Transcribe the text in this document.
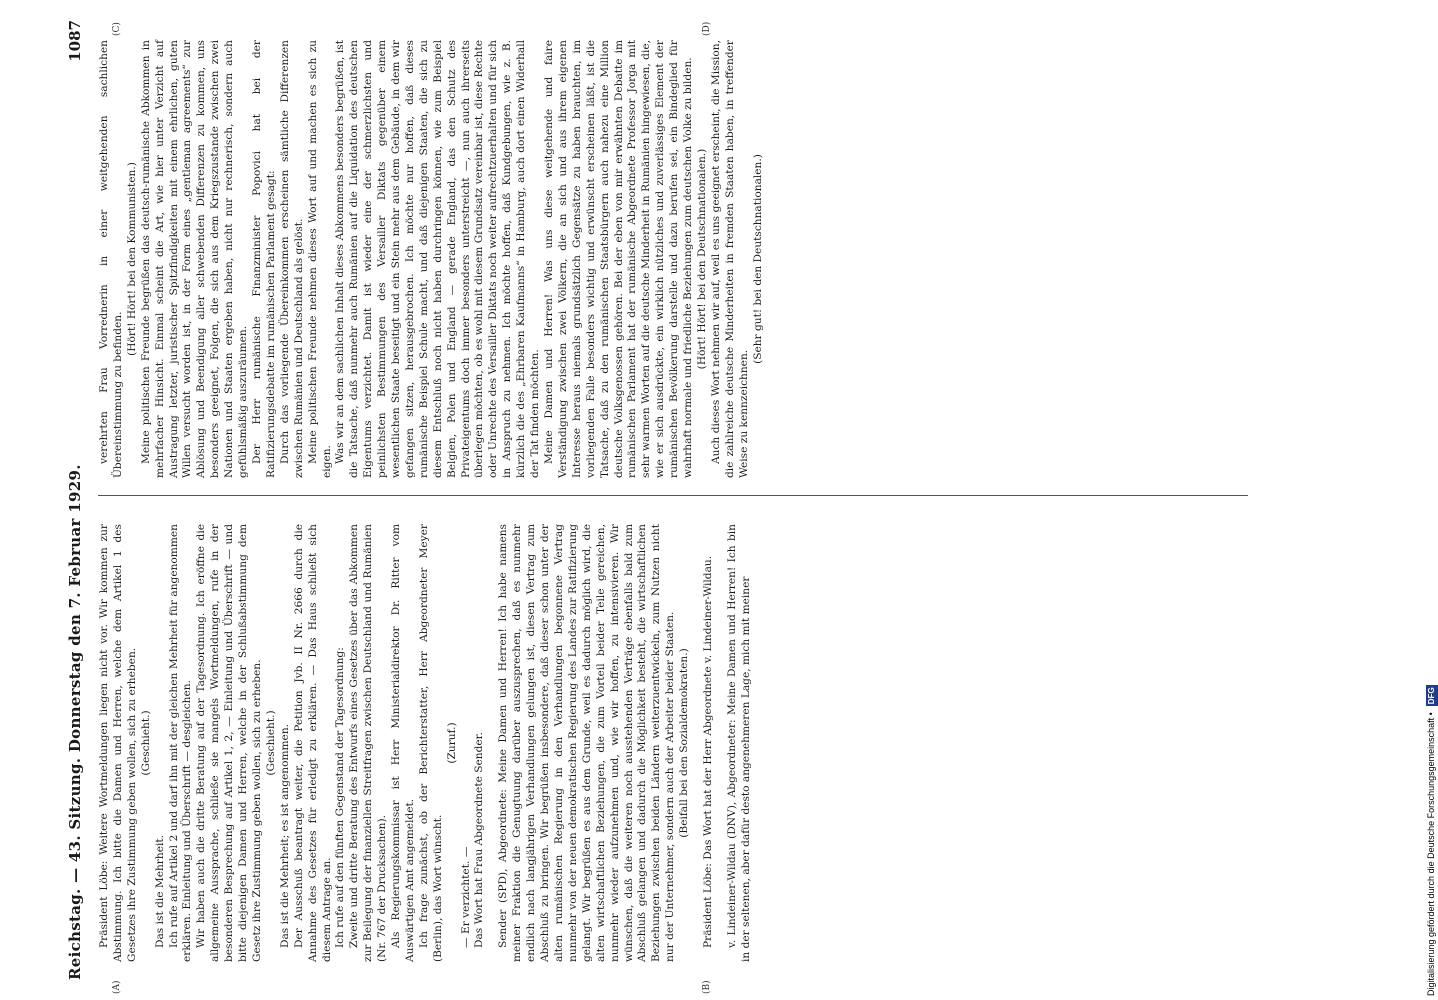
Reichstag. — 43. Sitzung. Donnerstag den 7. Februar 1929.
1087
(A)	(B)
(C)	(D)

Präsident Löbe: Weitere Wortmeldungen liegen nicht vor. Wir kommen zur Abstimmung. Ich bitte die Damen und Herren, welche dem Artikel 1 des Gesetzes ihre Zustimmung geben wollen, sich zu erheben. (Geschieht.)

Das ist die Mehrheit. Ich rufe auf Artikel 2 und darf ihn mit der gleichen Mehrheit für angenommen erklären. Einleitung und Überschrift — desgleichen. Wir haben auch die dritte Beratung auf der Tagesordnung. Ich eröffne die allgemeine Aussprache, schließe sie mangels Wortmeldungen, rufe in der besonderen Besprechung auf Artikel 1, 2, — Einleitung und Überschrift — und bitte diejenigen Damen und Herren, welche in der Schlußabstimmung dem Gesetz ihre Zustimmung geben wollen, sich zu erheben. (Geschieht.) Das ist die Mehrheit; es ist angenommen. Der Ausschuß beantragt weiter, die Petition Jvb. II Nr. 2666 durch die Annahme des Gesetzes für erledigt zu erklären. — Das Haus schließt sich diesem Antrage an. Ich rufe auf den fünften Gegenstand der Tagesordnung: Zweite und dritte Beratung des Entwurfs eines Gesetzes über das Abkommen zur Beilegung der finanziellen Streitfragen zwischen Deutschland und Rumänien (Nr. 767 der Drucksachen). Als Regierungskommissar ist Herr Ministerialdirektor Dr. Ritter vom Auswärtigen Amt angemeldet. Ich frage zunächst, ob der Berichterstatter, Herr Abgeordneter Meyer (Berlin), das Wort wünscht.

(Zuruf.)

— Er verzichtet. — Das Wort hat Frau Abgeordnete Sender. Sender (SPD), Abgeordnete: Meine Damen und Herren! Ich habe namens meiner Fraktion die Genugtuung darüber auszusprechen, daß es nunmehr endlich nach langjährigen Verhandlungen gelungen ist, diesen Vertrag zum Abschluß zu bringen. Wir begrüßen insbesondere, daß dieser schon unter der alten rumänischen Regierung in den Verhandlungen begonnene Vertrag nunmehr von der neuen demokratischen Regierung des Landes zur Ratifizierung gelangt. Wir begrüßen es aus dem Grunde, weil es dadurch möglich wird, die alten wirtschaftlichen Beziehungen, die zum Vorteil beider Teile gereichen, nunmehr wieder aufzunehmen und, wie wir hoffen, zu intensivieren. Wir wünschen, daß die weiteren noch ausstehenden Verträge ebenfalls bald zum Abschluß gelangen und dadurch die Möglichkeit besteht, die wirtschaftlichen Beziehungen zwischen beiden Ländern weiterzuentwickeln, zum Nutzen nicht nur der Unternehmer, sondern auch der Arbeiter beider Staaten. (Beifall bei den Sozialdemokraten.) Präsident Löbe: Das Wort hat der Herr Abgeordnete v. Lindeiner-Wildau. v. Lindeiner-Wildau (DNV), Abgeordneter: Meine Damen und Herren! Ich bin in der seltenen, aber dafür desto angenehmeren Lage, mich mit meiner

verehrten Frau Vorrednerin in einer weitgehenden sachlichen Übereinstimmung zu befinden.

(Hört! Hört! bei den Kommunisten.) Meine politischen Freunde begrüßen das deutsch-rumänische Abkommen in mehrfacher Hinsicht. Einmal scheint die Art, wie hier unter Verzicht auf Austragung letzter, juristischer Spitzfindigkeiten mit einem ehrlichen, guten Willen versucht worden ist, in der Form eines „gentleman agreements“ zur Ablösung und Beendigung aller schwebenden Differenzen zu kommen, uns besonders geeignet, Folgen, die sich aus dem Kriegszustande zwischen zwei Nationen und Staaten ergeben haben, nicht nur rechnerisch, sondern auch gefühlsmäßig auszuräumen. Der Herr rumänische Finanzminister Popovici hat bei der Ratifizierungsdebatte im rumänischen Parlament gesagt: Durch das vorliegende Übereinkommen erscheinen sämtliche Differenzen zwischen Rumänien und Deutschland als gelöst. Meine politischen Freunde nehmen dieses Wort auf und machen es sich zu eigen. Was wir an dem sachlichen Inhalt dieses Abkommens besonders begrüßen, ist die Tatsache, daß nunmehr auch Rumänien auf die Liquidation des deutschen Eigentums verzichtet. Damit ist wieder eine der schmerzlichsten und peinlichsten Bestimmungen des Versailler Diktats gegenüber einem wesentlichen Staate beseitigt und ein Stein mehr aus dem Gebäude, in dem wir gefangen sitzen, herausgebrochen. Ich möchte nur hoffen, daß dieses rumänische Beispiel Schule macht, und daß diejenigen Staaten, die sich zu diesem Entschluß noch nicht haben durchringen können, wie zum Beispiel Belgien, Polen und England — gerade England, das den Schutz des Privateigentums doch immer besonders unterstreicht —, nun auch ihrerseits überlegen möchten, ob es wohl mit diesem Grundsatz vereinbar ist, diese Rechte oder Unrechte des Versailler Diktats noch weiter aufrechtzuerhalten und für sich in Anspruch zu nehmen. Ich möchte hoffen, daß Kundgebungen, wie z. B. kürzlich die des „Ehrbaren Kaufmanns“ in Hamburg, auch dort einen Widerhall der Tat finden möchten. Meine Damen und Herren! Was uns diese weitgehende und faire Verständigung zwischen zwei Völkern, die an sich und aus ihrem eigenen Interesse heraus niemals grundsätzlich Gegensätze zu haben brauchten, im vorliegenden Falle besonders wichtig und erwünscht erscheinen läßt, ist die Tatsache, daß zu den rumänischen Staatsbürgern auch nahezu eine Million deutsche Volksgenossen gehören. Bei der eben von mir erwähnten Debatte im rumänischen Parlament hat der rumänische Abgeordnete Professor Jorga mit sehr warmen Worten auf die deutsche Minderheit in Rumänien hingewiesen, die, wie er sich ausdrückte, ein wirklich nützliches und zuverlässiges Element der rumänischen Bevölkerung darstelle und dazu berufen sei, ein Bindeglied für wahrhaft normale und friedliche Beziehungen zum deutschen Volke zu bilden. (Hört! Hört! bei den Deutschnationalen.) Auch dieses Wort nehmen wir auf, weil es uns geeignet erscheint, die Mission, die zahlreiche deutsche Minderheiten in fremden Staaten haben, in treffender Weise zu kennzeichnen.

(Sehr gut! bei den Deutschnationalen.)

Digitalisierung gefördert durch die Deutsche Forschungsgemeinschaft •DFG
